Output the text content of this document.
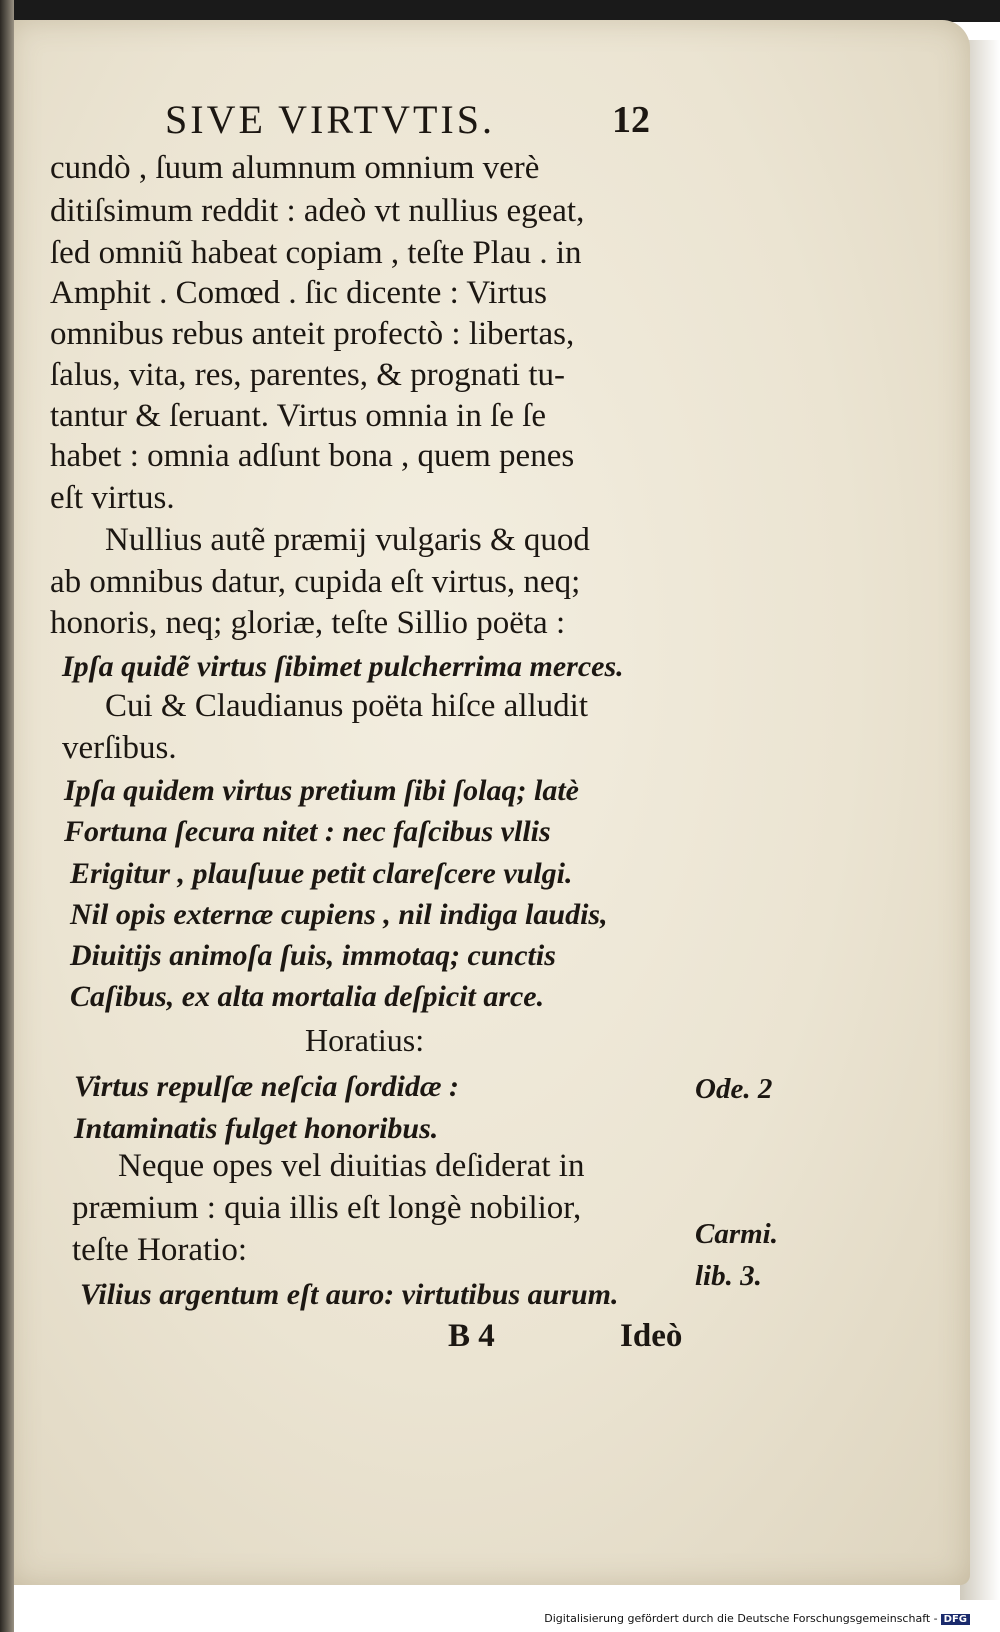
SIVE VIRTVTIS.	12
cundò , ſuum alumnum omnium verè
ditiſsimum reddit : adeò vt nullius egeat,
ſed omniũ habeat copiam , teſte Plau . in
Amphit . Comœd . ſic dicente : Virtus
omnibus rebus anteit profectò : libertas,
ſalus, vita, res, parentes, & prognati tu-
tantur & ſeruant. Virtus omnia in ſe ſe
habet : omnia adſunt bona , quem penes
eſt virtus.
Nullius autẽ præmij vulgaris & quod
ab omnibus datur, cupida eſt virtus, neq;
honoris, neq; gloriæ, teſte Sillio poëta :
Ipſa quidẽ virtus ſibimet pulcherrima merces.
Cui & Claudianus poëta hiſce alludit
verſibus.
Ipſa quidem virtus pretium ſibi ſolaq; latè
Fortuna ſecura nitet : nec faſcibus vllis
Erigitur , plauſuue petit clareſcere vulgi.
Nil opis externæ cupiens , nil indiga laudis,
Diuitijs animoſa ſuis, immotaq; cunctis
Caſibus, ex alta mortalia deſpicit arce.
Horatius:
Virtus repulſæ neſcia ſordidæ :
Intaminatis fulget honoribus.
Neque opes vel diuitias deſiderat in
præmium : quia illis eſt longè nobilior,
teſte Horatio:
Vilius argentum eſt auro: virtutibus aurum.
Ode. 2
Carmi.
lib. 3.
B 4	Ideò
Digitalisierung gefördert durch die Deutsche Forschungsgemeinschaft - DFG
